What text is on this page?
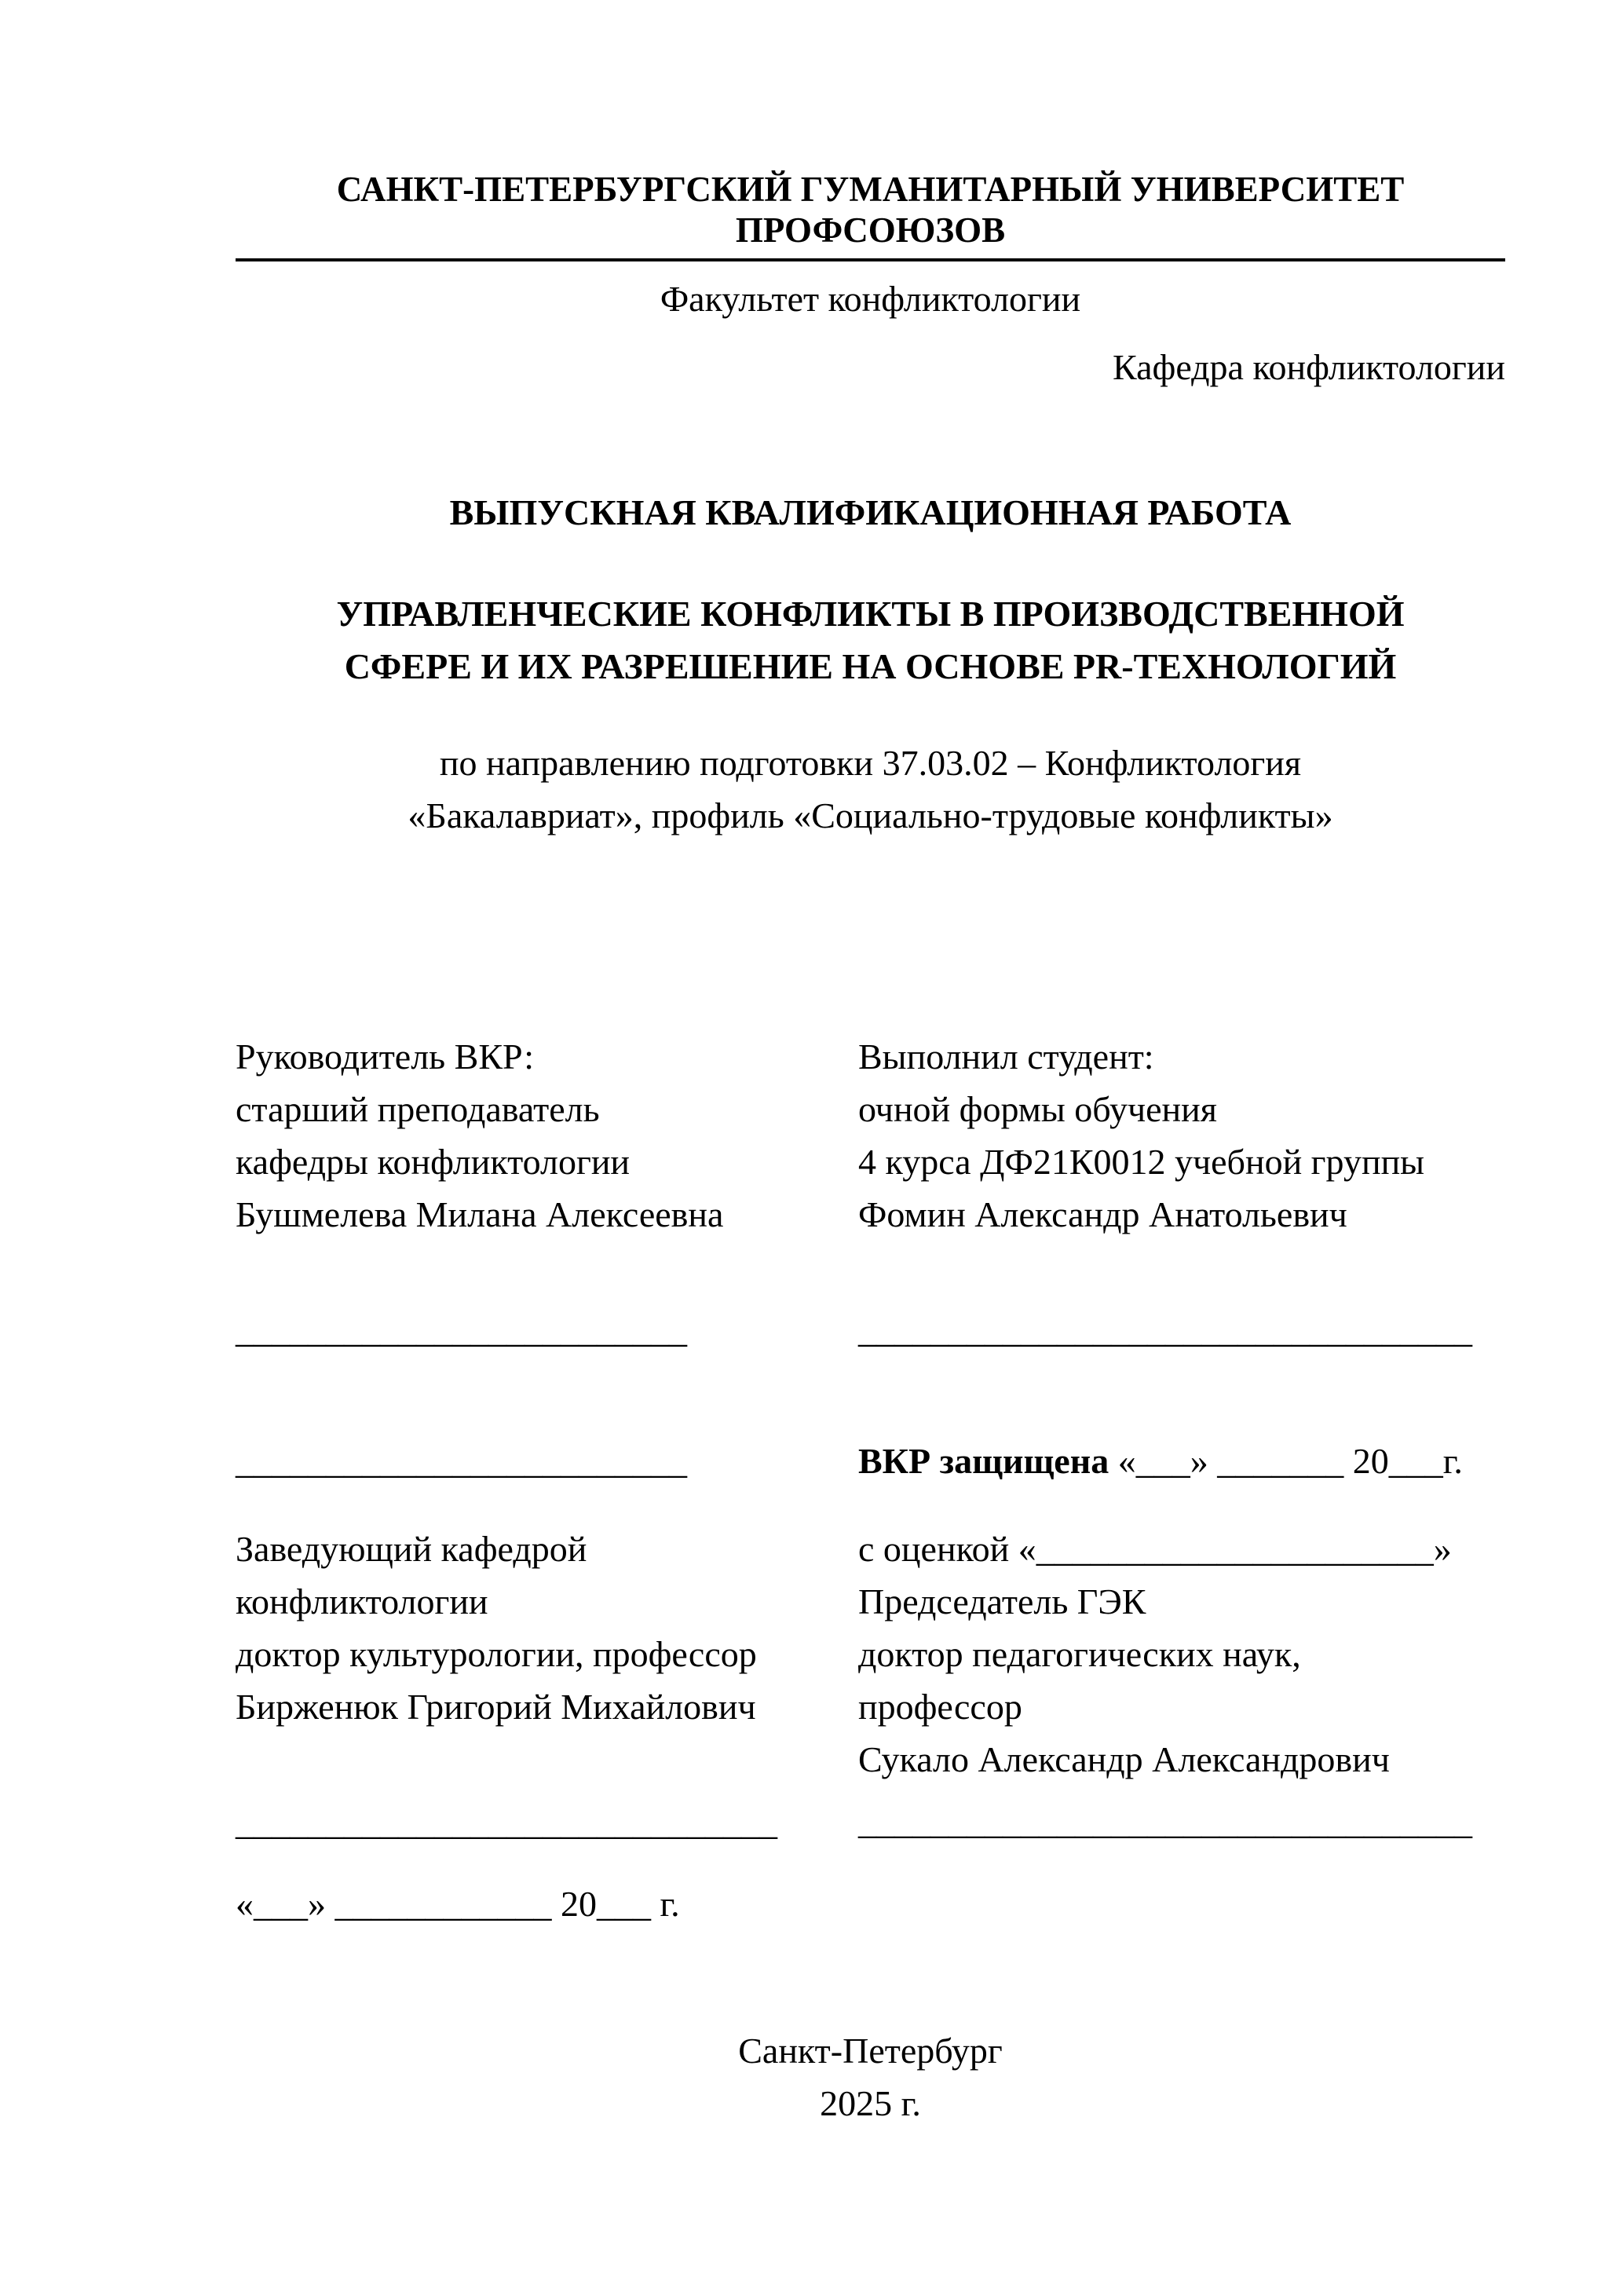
САНКТ-ПЕТЕРБУРГСКИЙ ГУМАНИТАРНЫЙ УНИВЕРСИТЕТ ПРОФСОЮЗОВ
Факультет конфликтологии
Кафедра конфликтологии
ВЫПУСКНАЯ КВАЛИФИКАЦИОННАЯ РАБОТА
УПРАВЛЕНЧЕСКИЕ КОНФЛИКТЫ В ПРОИЗВОДСТВЕННОЙ
СФЕРЕ И ИХ РАЗРЕШЕНИЕ НА ОСНОВЕ PR-ТЕХНОЛОГИЙ
по направлению подготовки 37.03.02 – Конфликтология
«Бакалавриат», профиль «Социально-трудовые конфликты»
Руководитель ВКР:
старший преподаватель
кафедры конфликтологии
Бушмелева Милана Алексеевна
_________________________
_________________________
Заведующий кафедрой
конфликтологии
доктор культурологии, профессор
Бирженюк Григорий Михайлович
______________________________
«___» ____________ 20___ г.
Выполнил студент:
очной формы обучения
4 курса ДФ21К0012 учебной группы
Фомин Александр Анатольевич
__________________________________
ВКР защищена «___» _______ 20___г.
с оценкой «______________________»
Председатель ГЭК
доктор педагогических наук,
профессор
Сукало Александр Александрович
__________________________________
Санкт-Петербург
2025 г.
